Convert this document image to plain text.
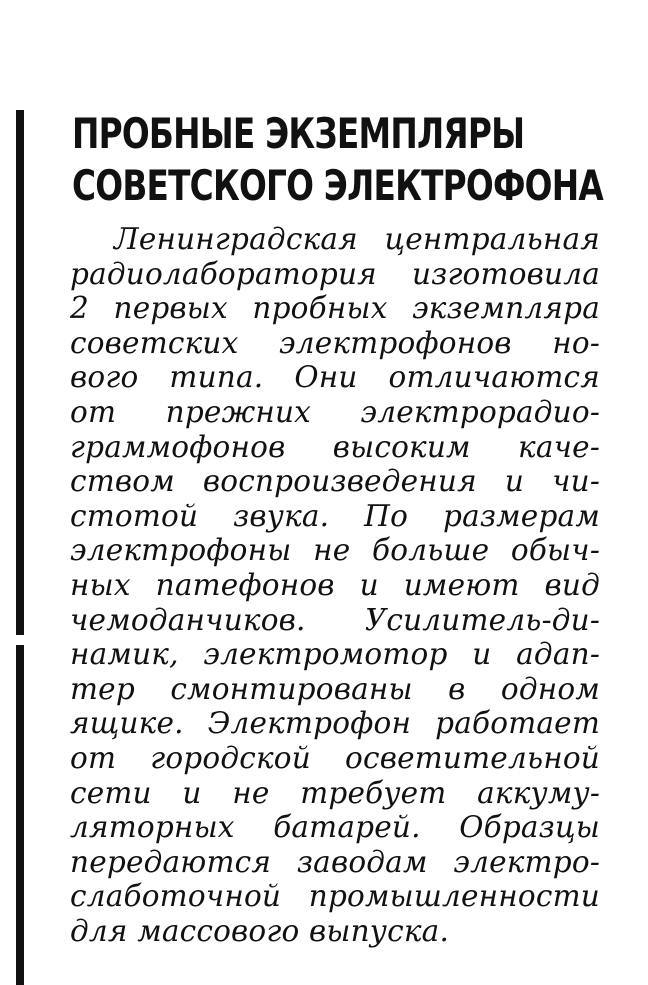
ПРОБНЫЕ ЭКЗЕМПЛЯРЫ
СОВЕТСКОГО ЭЛЕКТРОФОНА
Ленинградская центральная
радиолаборатория изготовила
2 первых пробных экземпляра
советских электрофонов но-
вого типа. Они отличаются
от прежних электрорадио-
граммофонов высоким каче-
ством воспроизведения и чи-
стотой звука. По размерам
электрофоны не больше обыч-
ных патефонов и имеют вид
чемоданчиков. Усилитель-ди-
намик, электромотор и адап-
тер смонтированы в одном
ящике. Электрофон работает
от городской осветительной
сети и не требует аккуму-
ляторных батарей. Образцы
передаются заводам электро-
слаботочной промышленности
для массового выпуска.
